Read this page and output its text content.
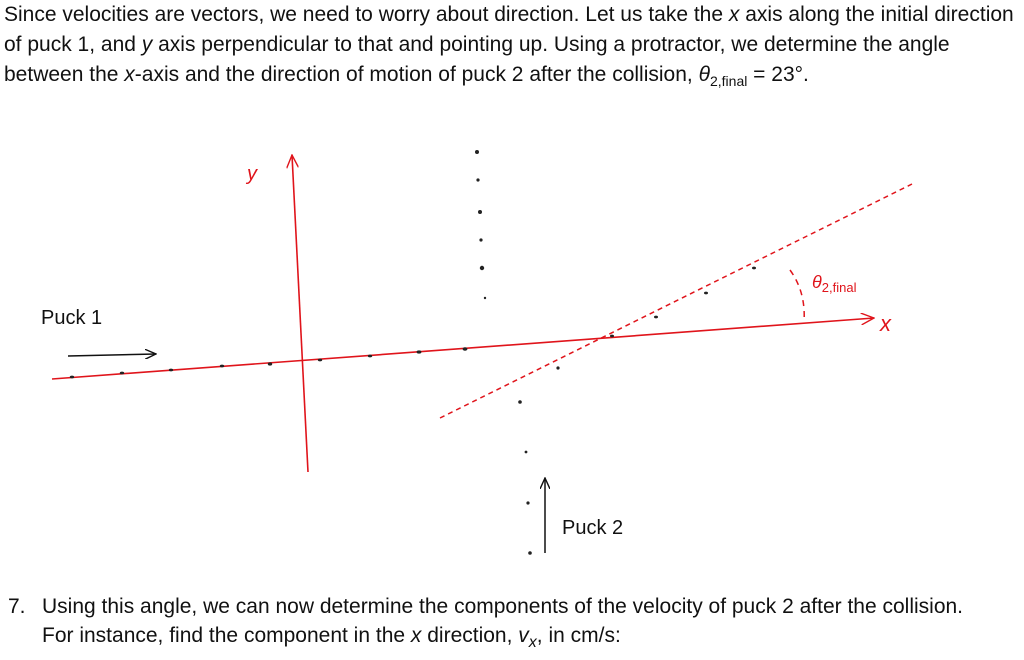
Since velocities are vectors, we need to worry about direction. Let us take the x axis along the initial direction of puck 1, and y axis perpendicular to that and pointing up. Using a protractor, we determine the angle between the x-axis and the direction of motion of puck 2 after the collision, $\theta_{2,final} = 23^\circ$.

y
x
$\theta_{2,final}$
Puck 1
Puck 2
7. Using this angle, we can now determine the components of the velocity of puck 2 after the collision.
For instance, find the component in the x direction, $v_x$, in cm/s:
